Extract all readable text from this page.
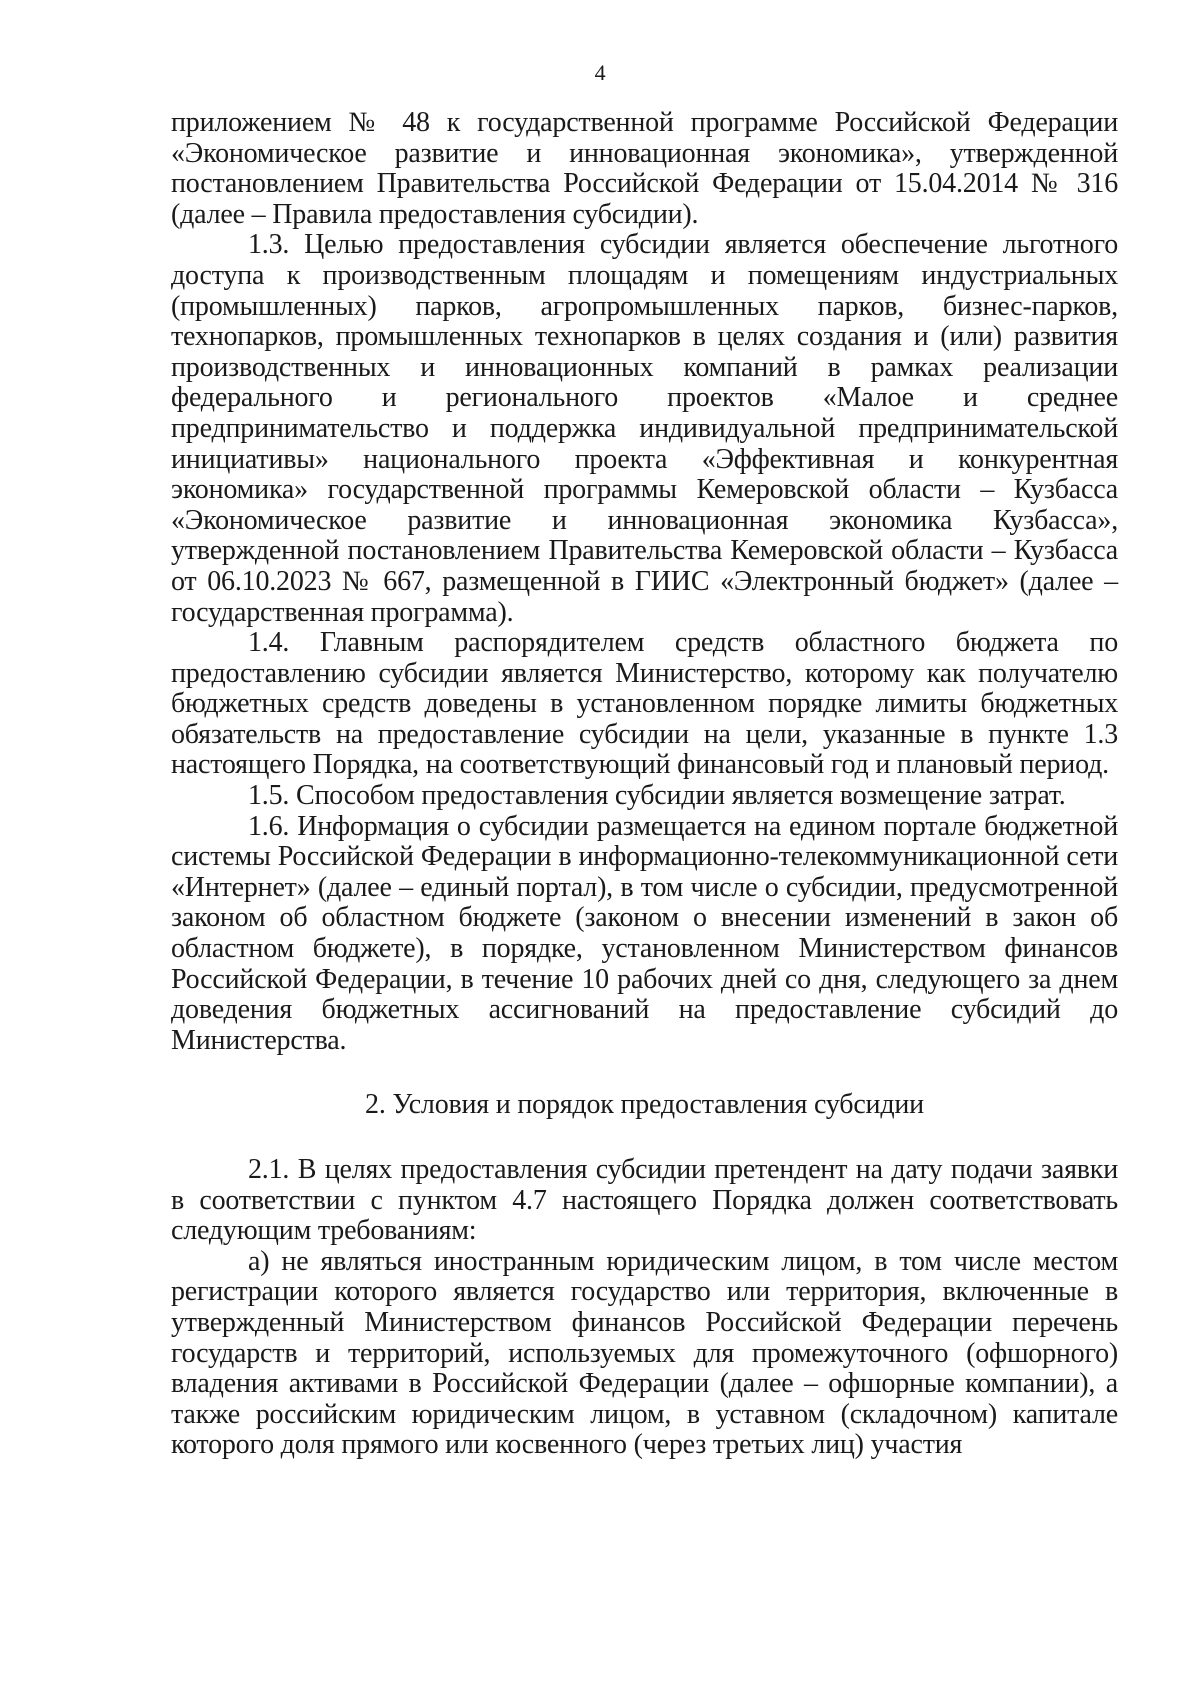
4

приложением № 48 к государственной программе Российской Федерации «Экономическое развитие и инновационная экономика», утвержденной постановлением Правительства Российской Федерации от 15.04.2014 № 316 (далее – Правила предоставления субсидии).

1.3. Целью предоставления субсидии является обеспечение льготного доступа к производственным площадям и помещениям индустриальных (промышленных) парков, агропромышленных парков, бизнес-парков, технопарков, промышленных технопарков в целях создания и (или) развития производственных и инновационных компаний в рамках реализации федерального и регионального проектов «Малое и среднее предпринимательство и поддержка индивидуальной предпринимательской инициативы» национального проекта «Эффективная и конкурентная экономика» государственной программы Кемеровской области – Кузбасса «Экономическое развитие и инновационная экономика Кузбасса», утвержденной постановлением Правительства Кемеровской области – Кузбасса от 06.10.2023 № 667, размещенной в ГИИС «Электронный бюджет» (далее – государственная программа).

1.4. Главным распорядителем средств областного бюджета по предоставлению субсидии является Министерство, которому как получателю бюджетных средств доведены в установленном порядке лимиты бюджетных обязательств на предоставление субсидии на цели, указанные в пункте 1.3 настоящего Порядка, на соответствующий финансовый год и плановый период.

1.5. Способом предоставления субсидии является возмещение затрат.

1.6. Информация о субсидии размещается на едином портале бюджетной системы Российской Федерации в информационно-телекоммуникационной сети «Интернет» (далее – единый портал), в том числе о субсидии, предусмотренной законом об областном бюджете (законом о внесении изменений в закон об областном бюджете), в порядке, установленном Министерством финансов Российской Федерации, в течение 10 рабочих дней со дня, следующего за днем доведения бюджетных ассигнований на предоставление субсидий до Министерства.

2. Условия и порядок предоставления субсидии

2.1. В целях предоставления субсидии претендент на дату подачи заявки в соответствии с пунктом 4.7 настоящего Порядка должен соответствовать следующим требованиям:

а) не являться иностранным юридическим лицом, в том числе местом регистрации которого является государство или территория, включенные в утвержденный Министерством финансов Российской Федерации перечень государств и территорий, используемых для промежуточного (офшорного) владения активами в Российской Федерации (далее – офшорные компании), а также российским юридическим лицом, в уставном (складочном) капитале которого доля прямого или косвенного (через третьих лиц) участия
